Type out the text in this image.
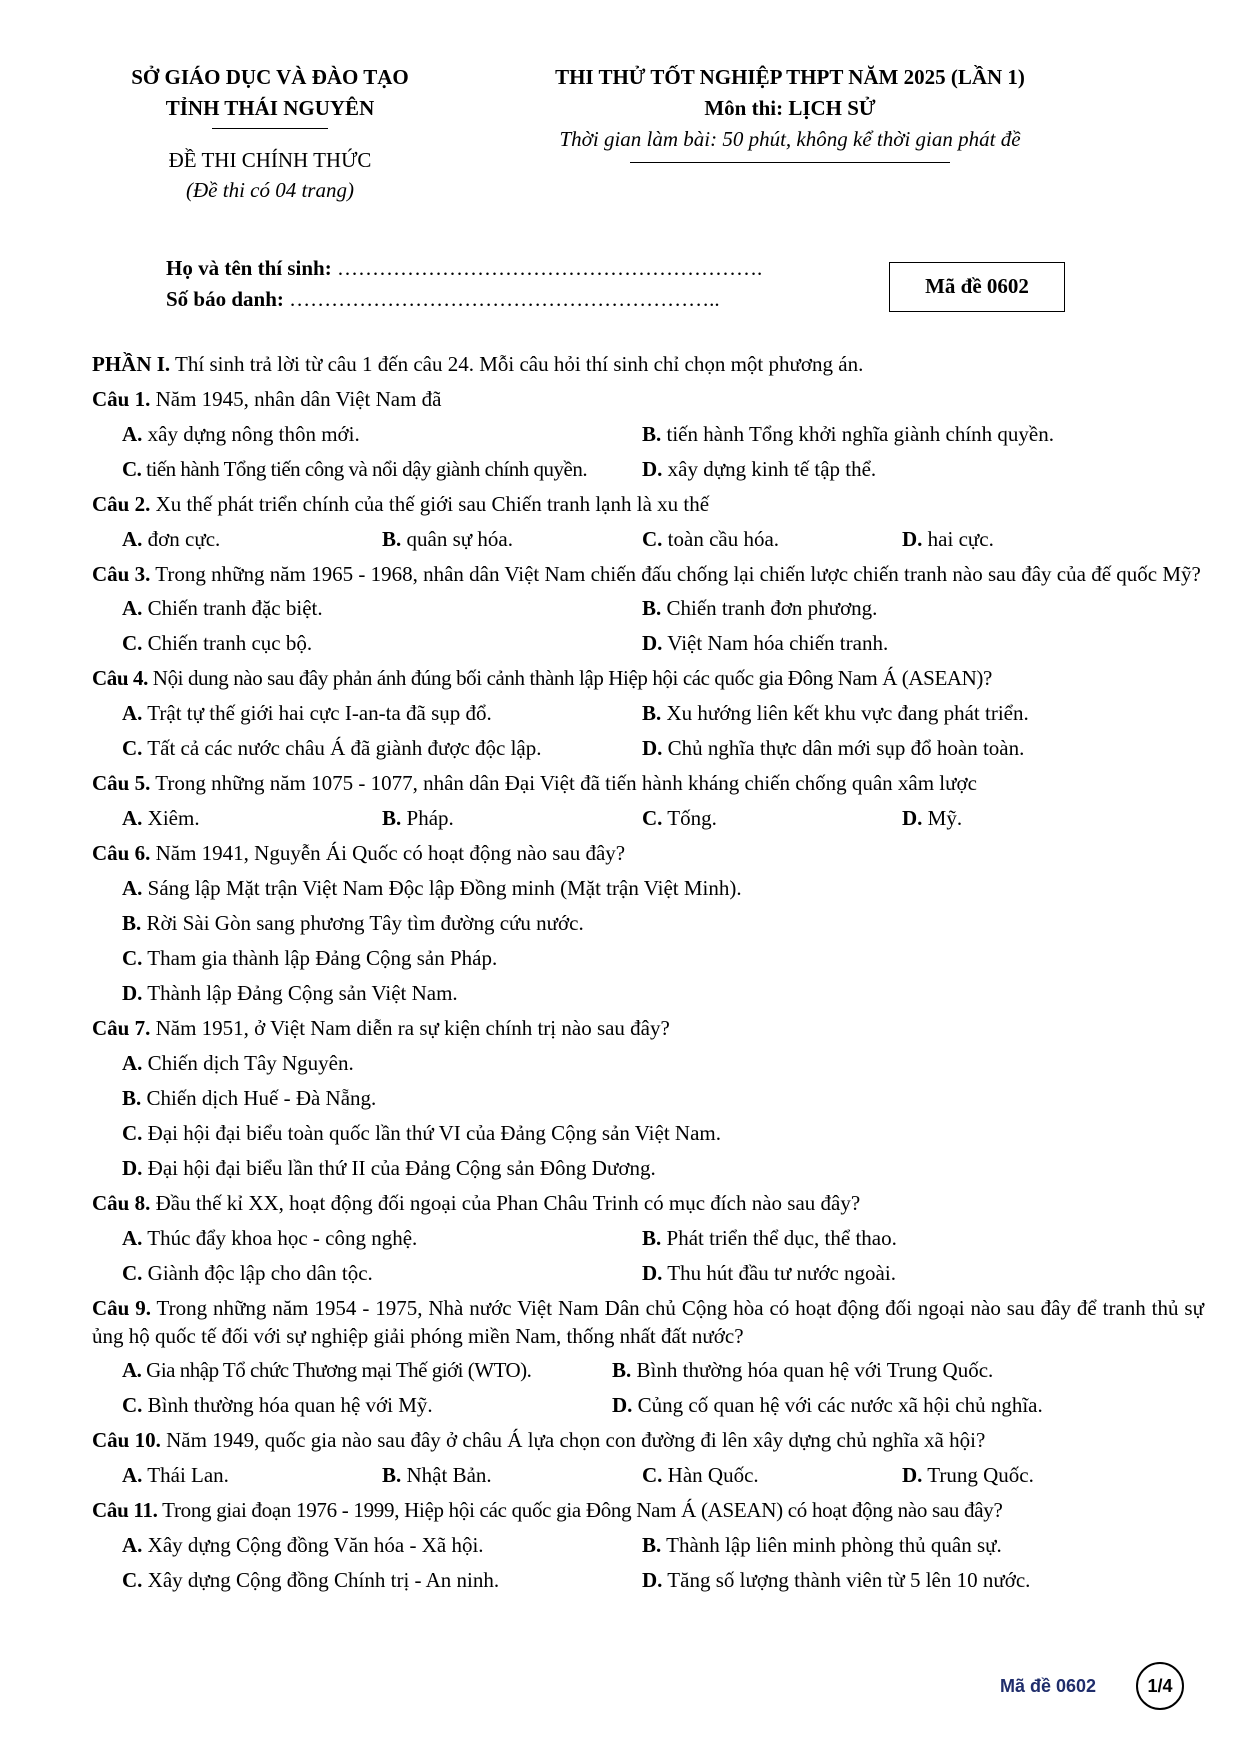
SỞ GIÁO DỤC VÀ ĐÀO TẠO
TỈNH THÁI NGUYÊN
ĐỀ THI CHÍNH THỨC
(Đề thi có 04 trang)
THI THỬ TỐT NGHIỆP THPT NĂM 2025 (LẦN 1)
Môn thi: LỊCH SỬ
Thời gian làm bài: 50 phút, không kể thời gian phát đề
Họ và tên thí sinh: …………………………………………………….
Số báo danh: ……………………………………………………..
Mã đề 0602
PHẦN I. Thí sinh trả lời từ câu 1 đến câu 24. Mỗi câu hỏi thí sinh chỉ chọn một phương án.
Câu 1. Năm 1945, nhân dân Việt Nam đã
A. xây dựng nông thôn mới.	B. tiến hành Tổng khởi nghĩa giành chính quyền.
C. tiến hành Tổng tiến công và nổi dậy giành chính quyền.	D. xây dựng kinh tế tập thể.
Câu 2. Xu thế phát triển chính của thế giới sau Chiến tranh lạnh là xu thế
A. đơn cực.	B. quân sự hóa.	C. toàn cầu hóa.	D. hai cực.
Câu 3. Trong những năm 1965 - 1968, nhân dân Việt Nam chiến đấu chống lại chiến lược chiến tranh nào sau đây của đế quốc Mỹ?
A. Chiến tranh đặc biệt.	B. Chiến tranh đơn phương.
C. Chiến tranh cục bộ.	D. Việt Nam hóa chiến tranh.
Câu 4. Nội dung nào sau đây phản ánh đúng bối cảnh thành lập Hiệp hội các quốc gia Đông Nam Á (ASEAN)?
A. Trật tự thế giới hai cực I-an-ta đã sụp đổ.	B. Xu hướng liên kết khu vực đang phát triển.
C. Tất cả các nước châu Á đã giành được độc lập.	D. Chủ nghĩa thực dân mới sụp đổ hoàn toàn.
Câu 5. Trong những năm 1075 - 1077, nhân dân Đại Việt đã tiến hành kháng chiến chống quân xâm lược
A. Xiêm.	B. Pháp.	C. Tống.	D. Mỹ.
Câu 6. Năm 1941, Nguyễn Ái Quốc có hoạt động nào sau đây?
A. Sáng lập Mặt trận Việt Nam Độc lập Đồng minh (Mặt trận Việt Minh).
B. Rời Sài Gòn sang phương Tây tìm đường cứu nước.
C. Tham gia thành lập Đảng Cộng sản Pháp.
D. Thành lập Đảng Cộng sản Việt Nam.
Câu 7. Năm 1951, ở Việt Nam diễn ra sự kiện chính trị nào sau đây?
A. Chiến dịch Tây Nguyên.
B. Chiến dịch Huế - Đà Nẵng.
C. Đại hội đại biểu toàn quốc lần thứ VI của Đảng Cộng sản Việt Nam.
D. Đại hội đại biểu lần thứ II của Đảng Cộng sản Đông Dương.
Câu 8. Đầu thế kỉ XX, hoạt động đối ngoại của Phan Châu Trinh có mục đích nào sau đây?
A. Thúc đẩy khoa học - công nghệ.	B. Phát triển thể dục, thể thao.
C. Giành độc lập cho dân tộc.	D. Thu hút đầu tư nước ngoài.
Câu 9. Trong những năm 1954 - 1975, Nhà nước Việt Nam Dân chủ Cộng hòa có hoạt động đối ngoại nào sau đây để tranh thủ sự ủng hộ quốc tế đối với sự nghiệp giải phóng miền Nam, thống nhất đất nước?
A. Gia nhập Tổ chức Thương mại Thế giới (WTO).	B. Bình thường hóa quan hệ với Trung Quốc.
C. Bình thường hóa quan hệ với Mỹ.	D. Củng cố quan hệ với các nước xã hội chủ nghĩa.
Câu 10. Năm 1949, quốc gia nào sau đây ở châu Á lựa chọn con đường đi lên xây dựng chủ nghĩa xã hội?
A. Thái Lan.	B. Nhật Bản.	C. Hàn Quốc.	D. Trung Quốc.
Câu 11. Trong giai đoạn 1976 - 1999, Hiệp hội các quốc gia Đông Nam Á (ASEAN) có hoạt động nào sau đây?
A. Xây dựng Cộng đồng Văn hóa - Xã hội.	B. Thành lập liên minh phòng thủ quân sự.
C. Xây dựng Cộng đồng Chính trị - An ninh.	D. Tăng số lượng thành viên từ 5 lên 10 nước.
Mã đề 0602	1/4
